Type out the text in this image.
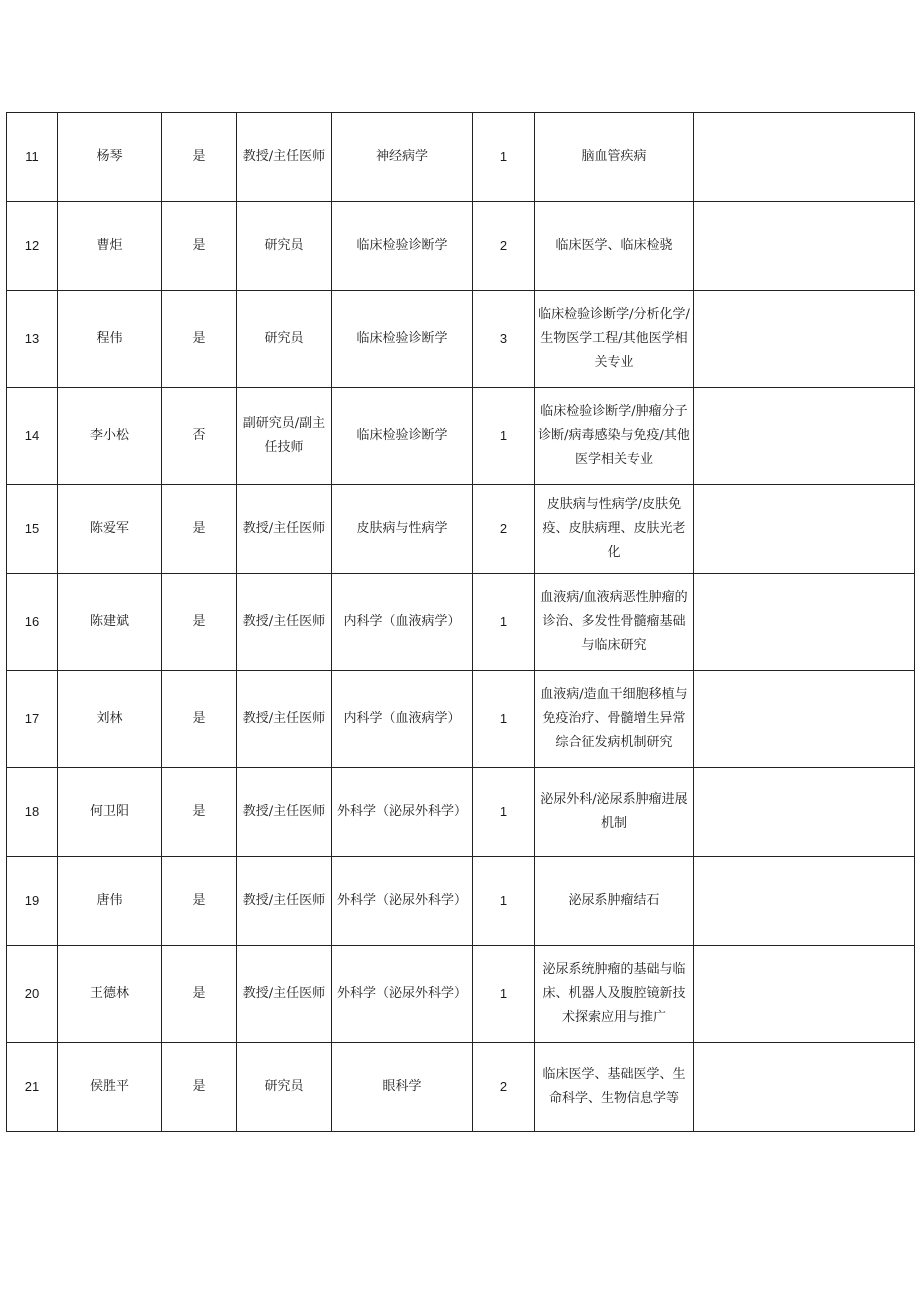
11	杨琴	是	教授/主任医师	神经病学	1	脑血管疾病	

12	曹炬	是	研究员	临床检验诊断学	2	临床医学、临床检骁	

13	程伟	是	研究员	临床检验诊断学	3	临床检验诊断学/分析化学/生物医学工程/其他医学相关专业	

14	李小松	否	副研究员/副主任技师	临床检验诊断学	1	临床检验诊断学/肿瘤分子诊断/病毒感染与免疫/其他医学相关专业	

15	陈爱军	是	教授/主任医师	皮肤病与性病学	2	皮肤病与性病学/皮肤免疫、皮肤病理、皮肤光老化	

16	陈建斌	是	教授/主任医师	内科学（血液病学）	1	血液病/血液病恶性肿瘤的诊治、多发性骨髓瘤基础与临床研究	

17	刘林	是	教授/主任医师	内科学（血液病学）	1	血液病/造血干细胞移植与免疫治疗、骨髓增生异常综合征发病机制研究	

18	何卫阳	是	教授/主任医师	外科学（泌尿外科学）	1	泌尿外科/泌尿系肿瘤进展机制	

19	唐伟	是	教授/主任医师	外科学（泌尿外科学）	1	泌尿系肿瘤结石	

20	王德林	是	教授/主任医师	外科学（泌尿外科学）	1	泌尿系统肿瘤的基础与临床、机器人及腹腔镜新技术探索应用与推广	

21	侯胜平	是	研究员	眼科学	2	临床医学、基础医学、生命科学、生物信息学等	
